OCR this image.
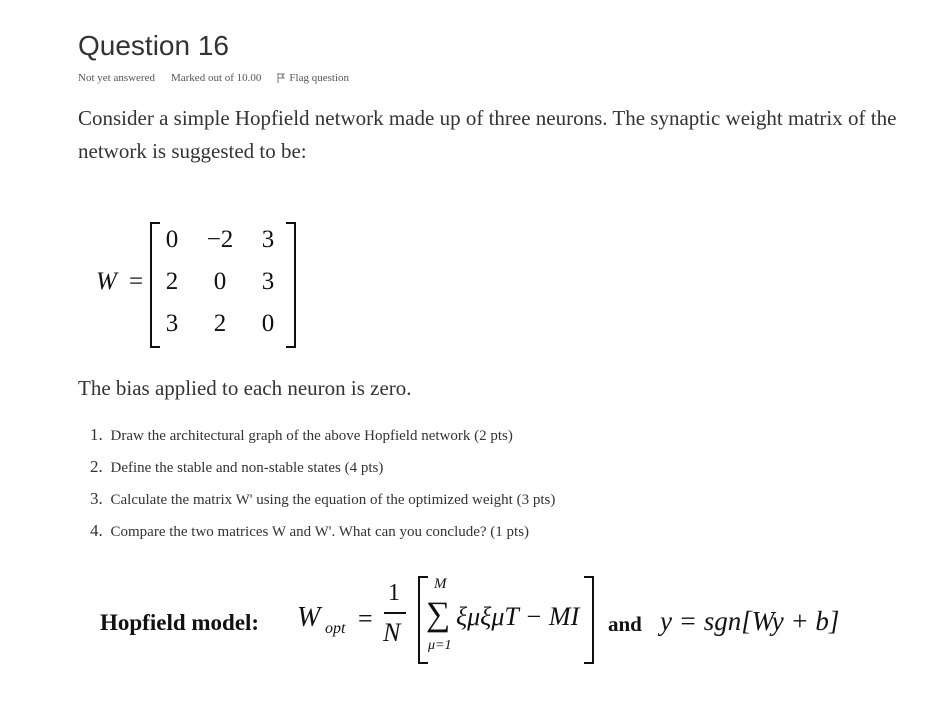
Question 16
Not yet answered Marked out of 10.00	Flag question
Consider a simple Hopfield network made up of three neurons. The synaptic weight matrix of the network is suggested to be:
W =
0	−2	3
2	0	3
3	2	0
The bias applied to each neuron is zero.
1. Draw the architectural graph of the above Hopfield network (2 pts)
2. Define the stable and non-stable states (4 pts)
3. Calculate the matrix W' using the equation of the optimized weight (3 pts)
4. Compare the two matrices W and W'. What can you conclude? (1 pts)
Hopfield model: W opt =
1
N
M
∑
μ=1
ξμξμT − MI and y = sgn[Wy + b]
